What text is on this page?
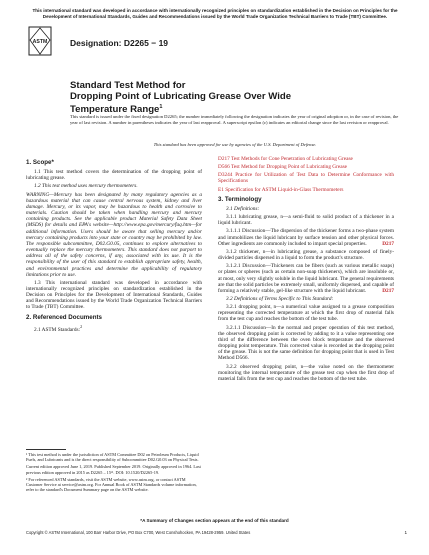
This international standard was developed in accordance with internationally recognized principles on standardization established in the Decision on Principles for the Development of International Standards, Guides and Recommendations issued by the World Trade Organization Technical Barriers to Trade (TBT) Committee.
ASTM	Designation: D2265 − 19
Standard Test Method for
Dropping Point of Lubricating Grease Over Wide
Temperature Range$^1$
This standard is issued under the fixed designation D2265; the number immediately following the designation indicates the year of original adoption or, in the case of revision, the year of last revision. A number in parentheses indicates the year of last reapproval. A superscript epsilon (ε) indicates an editorial change since the last revision or reapproval.
This standard has been approved for use by agencies of the U.S. Department of Defense.
1. Scope*

1.1 This test method covers the determination of the dropping point of lubricating grease.

1.2 This test method uses mercury thermometers.

WARNING—Mercury has been designated by many regulatory agencies as a hazardous material that can cause central nervous system, kidney and liver damage. Mercury, or its vapor, may be hazardous to health and corrosive to materials. Caution should be taken when handling mercury and mercury containing products. See the applicable product Material Safety Data Sheet (MSDS) for details and EPA's website—http://www.epa.gov/mercury/faq.htm—for additional information. Users should be aware that selling mercury and/or mercury containing products into your state or country may be prohibited by law. The responsible subcommittee, D02.G0.05, continues to explore alternatives to eventually replace the mercury thermometers. This standard does not purport to address all of the safety concerns, if any, associated with its use. It is the responsibility of the user of this standard to establish appropriate safety, health, and environmental practices and determine the applicability of regulatory limitations prior to use.

1.3 This international standard was developed in accordance with internationally recognized principles on standardization established in the Decision on Principles for the Development of International Standards, Guides and Recommendations issued by the World Trade Organization Technical Barriers to Trade (TBT) Committee.

2. Referenced Documents

2.1 ASTM Standards:$^2$

¹ This test method is under the jurisdiction of ASTM Committee D02 on Petroleum Products, Liquid Fuels, and Lubricants and is the direct responsibility of Subcommittee D02.G0.03 on Physical Tests.

Current edition approved June 1, 2019. Published September 2019. Originally approved in 1964. Last previous edition approved in 2015 as D2265 – 15ᵉ¹. DOI: 10.1520/D2265-19.

² For referenced ASTM standards, visit the ASTM website, www.astm.org, or contact ASTM Customer Service at service@astm.org. For Annual Book of ASTM Standards volume information, refer to the standard's Document Summary page on the ASTM website.

D217 Test Methods for Cone Penetration of Lubricating Grease

D566 Test Method for Dropping Point of Lubricating Grease

D3244 Practice for Utilization of Test Data to Determine Conformance with Specifications

E1 Specification for ASTM Liquid-in-Glass Thermometers

3. Terminology

3.1 Definitions:

3.1.1 lubricating grease, n—a semi-fluid to solid product of a thickener in a liquid lubricant.

3.1.1.1 Discussion—The dispersion of the thickener forms a two-phase system and immobilizes the liquid lubricant by surface tension and other physical forces. Other ingredients are commonly included to impart special properties.	D217

3.1.2 thickener, n—in lubricating grease, a substance composed of finely-divided particles dispersed in a liquid to form the product's structure.

3.1.2.1 Discussion—Thickeners can be fibers (such as various metallic soaps) or plates or spheres (such as certain non-soap thickeners), which are insoluble or, at most, only very slightly soluble in the liquid lubricant. The general requirements are that the solid particles be extremely small, uniformly dispersed, and capable of forming a relatively stable, gel-like structure with the liquid lubricant.	D217

3.2 Definitions of Terms Specific to This Standard:

3.2.1 dropping point, n—a numerical value assigned to a grease composition representing the corrected temperature at which the first drop of material falls from the test cup and reaches the bottom of the test tube.

3.2.1.1 Discussion—In the normal and proper operation of this test method, the observed dropping point is corrected by adding to it a value representing one third of the difference between the oven block temperature and the observed dropping point temperature. This corrected value is recorded as the dropping point of the grease. This is not the same definition for dropping point that is used in Test Method D566.

3.2.2 observed dropping point, n—the value noted on the thermometer monitoring the internal temperature of the grease test cup when the first drop of material falls from the test cup and reaches the bottom of the test tube.

*A Summary of Changes section appears at the end of this standard
Copyright © ASTM International, 100 Barr Harbor Drive, PO Box C700, West Conshohocken, PA 19428-2959. United States	1
